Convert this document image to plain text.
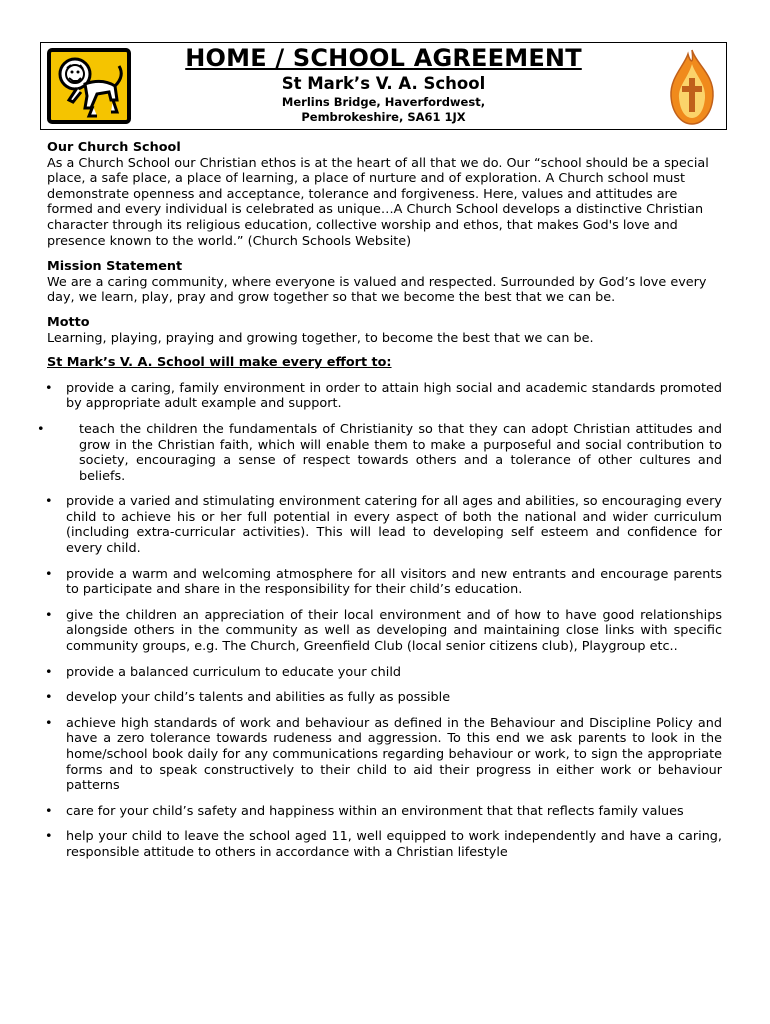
HOME / SCHOOL AGREEMENT
St Mark’s V. A. School
Merlins Bridge, Haverfordwest,
Pembrokeshire, SA61 1JX

Our Church School

As a Church School our Christian ethos is at the heart of all that we do. Our “school should be a special place, a safe place, a place of learning, a place of nurture and of exploration. A Church school must demonstrate openness and acceptance, tolerance and forgiveness. Here, values and attitudes are formed and every individual is celebrated as unique…A Church School develops a distinctive Christian character through its religious education, collective worship and ethos, that makes God's love and presence known to the world.” (Church Schools Website)

Mission Statement

We are a caring community, where everyone is valued and respected. Surrounded by God’s love every day, we learn, play, pray and grow together so that we become the best that we can be.

Motto

Learning, playing, praying and growing together, to become the best that we can be.

St Mark’s V. A. School will make every effort to:

• provide a caring, family environment in order to attain high social and academic standards promoted by appropriate adult example and support.
•	teach the children the fundamentals of Christianity so that they can adopt Christian attitudes and grow in the Christian faith, which will enable them to make a purposeful and social contribution to society, encouraging a sense of respect towards others and a tolerance of other cultures and beliefs.
• provide a varied and stimulating environment catering for all ages and abilities, so encouraging every child to achieve his or her full potential in every aspect of both the national and wider curriculum (including extra-curricular activities). This will lead to developing self esteem and confidence for every child.
• provide a warm and welcoming atmosphere for all visitors and new entrants and encourage parents to participate and share in the responsibility for their child’s education.
• give the children an appreciation of their local environment and of how to have good relationships alongside others in the community as well as developing and maintaining close links with specific community groups, e.g. The Church, Greenfield Club (local senior citizens club), Playgroup etc..
• provide a balanced curriculum to educate your child
• develop your child’s talents and abilities as fully as possible
• achieve high standards of work and behaviour as defined in the Behaviour and Discipline Policy and have a zero tolerance towards rudeness and aggression. To this end we ask parents to look in the home/school book daily for any communications regarding behaviour or work, to sign the appropriate forms and to speak constructively to their child to aid their progress in either work or behaviour patterns
• care for your child’s safety and happiness within an environment that that reflects family values
• help your child to leave the school aged 11, well equipped to work independently and have a caring, responsible attitude to others in accordance with a Christian lifestyle
